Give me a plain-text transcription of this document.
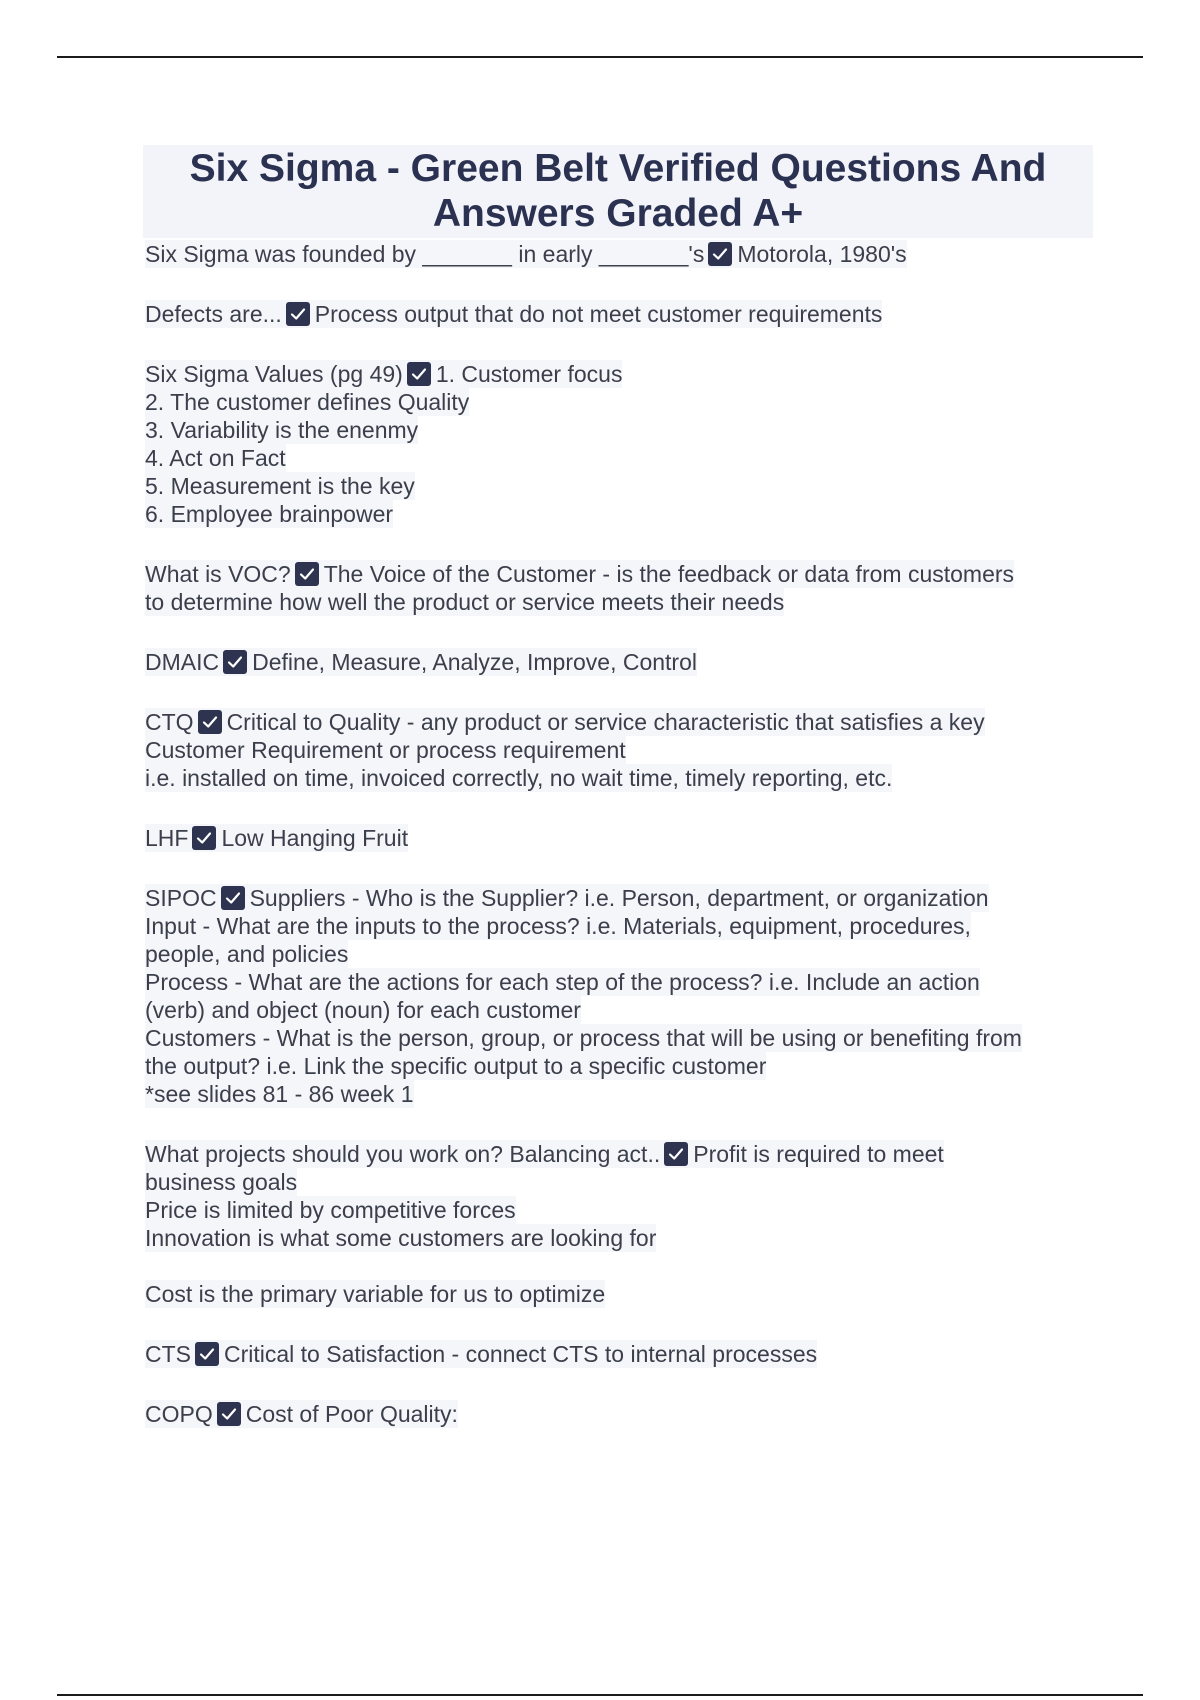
Six Sigma - Green Belt Verified Questions And
Answers Graded A+
Six Sigma was founded by _______ in early _______'s Motorola, 1980's
Defects are... Process output that do not meet customer requirements
Six Sigma Values (pg 49) 1. Customer focus
2. The customer defines Quality
3. Variability is the enenmy
4. Act on Fact
5. Measurement is the key
6. Employee brainpower
What is VOC? The Voice of the Customer - is the feedback or data from customers
to determine how well the product or service meets their needs
DMAIC Define, Measure, Analyze, Improve, Control
CTQ Critical to Quality - any product or service characteristic that satisfies a key
Customer Requirement or process requirement
i.e. installed on time, invoiced correctly, no wait time, timely reporting, etc.
LHF Low Hanging Fruit
SIPOC Suppliers - Who is the Supplier? i.e. Person, department, or organization
Input - What are the inputs to the process? i.e. Materials, equipment, procedures,
people, and policies
Process - What are the actions for each step of the process? i.e. Include an action
(verb) and object (noun) for each customer
Customers - What is the person, group, or process that will be using or benefiting from
the output? i.e. Link the specific output to a specific customer
*see slides 81 - 86 week 1
What projects should you work on? Balancing act.. Profit is required to meet
business goals
Price is limited by competitive forces
Innovation is what some customers are looking for
Cost is the primary variable for us to optimize
CTS Critical to Satisfaction - connect CTS to internal processes
COPQ Cost of Poor Quality:
